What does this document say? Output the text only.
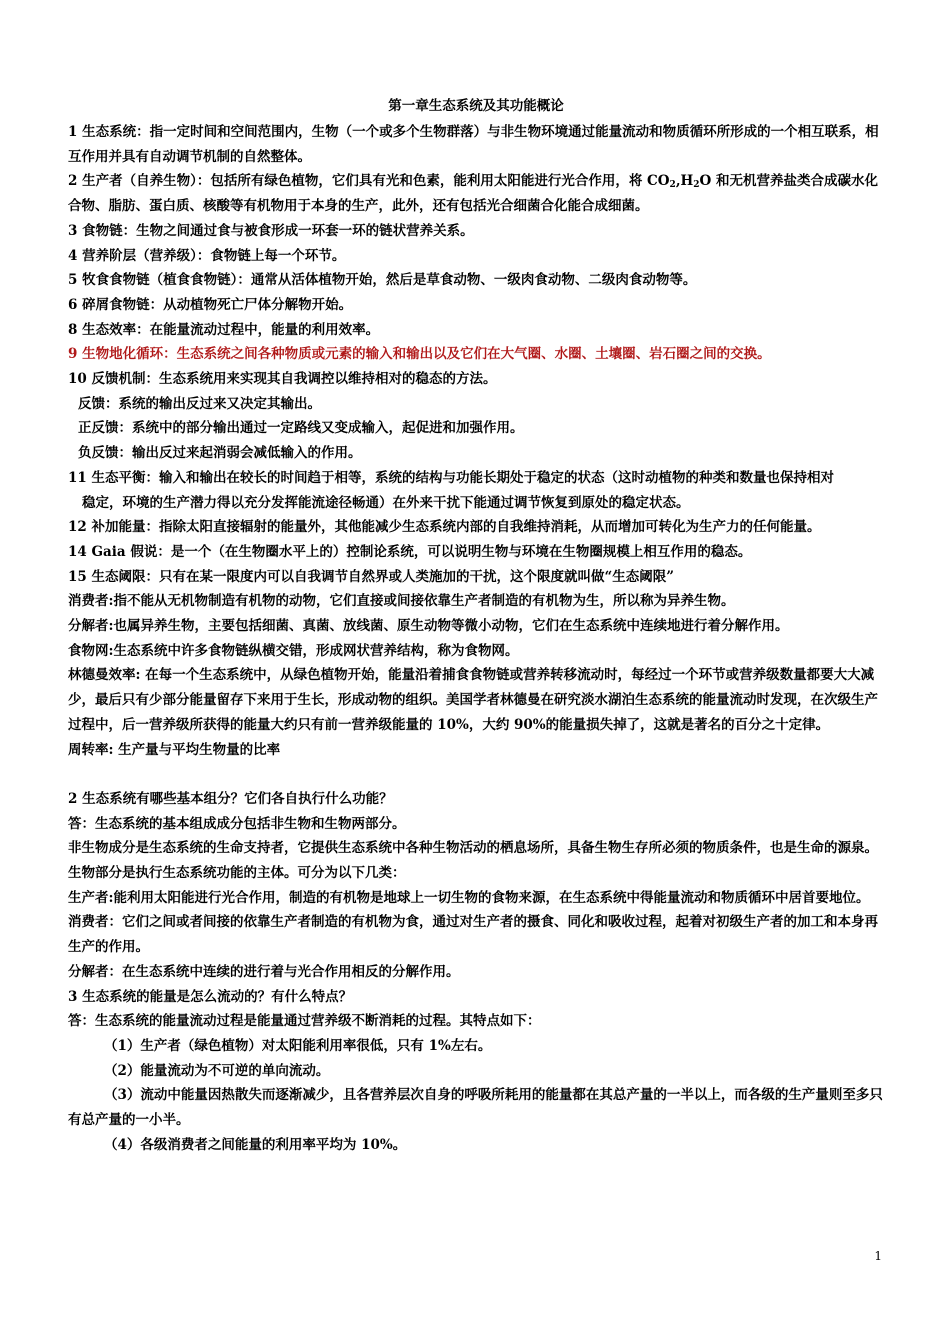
第一章生态系统及其功能概论

1 生态系统：指一定时间和空间范围内，生物（一个或多个生物群落）与非生物环境通过能量流动和物质循环所形成的一个相互联系，相互作用并具有自动调节机制的自然整体。

2 生产者（自养生物）：包括所有绿色植物，它们具有光和色素，能利用太阳能进行光合作用，将 $CO_2,H_2O$ 和无机营养盐类合成碳水化合物、脂肪、蛋白质、核酸等有机物用于本身的生产，此外，还有包括光合细菌合化能合成细菌。

3 食物链：生物之间通过食与被食形成一环套一环的链状营养关系。

4 营养阶层（营养级）：食物链上每一个环节。

5 牧食食物链（植食食物链）：通常从活体植物开始，然后是草食动物、一级肉食动物、二级肉食动物等。

6 碎屑食物链：从动植物死亡尸体分解物开始。

8 生态效率：在能量流动过程中，能量的利用效率。

9 生物地化循环：生态系统之间各种物质或元素的输入和输出以及它们在大气圈、水圈、土壤圈、岩石圈之间的交换。

10 反馈机制：生态系统用来实现其自我调控以维持相对的稳态的方法。

反馈：系统的输出反过来又决定其输出。

正反馈：系统中的部分输出通过一定路线又变成输入，起促进和加强作用。

负反馈：输出反过来起消弱会减低输入的作用。

11 生态平衡：输入和输出在较长的时间趋于相等，系统的结构与功能长期处于稳定的状态（这时动植物的种类和数量也保持相对
稳定，环境的生产潜力得以充分发挥能流途径畅通）在外来干扰下能通过调节恢复到原处的稳定状态。

12 补加能量：指除太阳直接辐射的能量外，其他能减少生态系统内部的自我维持消耗，从而增加可转化为生产力的任何能量。

14 Gaia 假说：是一个（在生物圈水平上的）控制论系统，可以说明生物与环境在生物圈规模上相互作用的稳态。

15 生态阈限：只有在某一限度内可以自我调节自然界或人类施加的干扰，这个限度就叫做“生态阈限”

消费者:指不能从无机物制造有机物的动物，它们直接或间接依靠生产者制造的有机物为生，所以称为异养生物。

分解者:也属异养生物，主要包括细菌、真菌、放线菌、原生动物等微小动物，它们在生态系统中连续地进行着分解作用。

食物网:生态系统中许多食物链纵横交错，形成网状营养结构，称为食物网。

林德曼效率: 在每一个生态系统中，从绿色植物开始，能量沿着捕食食物链或营养转移流动时，每经过一个环节或营养级数量都要大大减少，最后只有少部分能量留存下来用于生长，形成动物的组织。美国学者林德曼在研究淡水湖泊生态系统的能量流动时发现，在次级生产过程中，后一营养级所获得的能量大约只有前一营养级能量的 10%，大约 90%的能量损失掉了，这就是著名的百分之十定律。

周转率: 生产量与平均生物量的比率

2 生态系统有哪些基本组分？它们各自执行什么功能？

答：生态系统的基本组成成分包括非生物和生物两部分。

非生物成分是生态系统的生命支持者，它提供生态系统中各种生物活动的栖息场所，具备生物生存所必须的物质条件，也是生命的源泉。

生物部分是执行生态系统功能的主体。可分为以下几类：

生产者:能利用太阳能进行光合作用，制造的有机物是地球上一切生物的食物来源，在生态系统中得能量流动和物质循环中居首要地位。

消费者：它们之间或者间接的依靠生产者制造的有机物为食，通过对生产者的摄食、同化和吸收过程，起着对初级生产者的加工和本身再生产的作用。

分解者：在生态系统中连续的进行着与光合作用相反的分解作用。

3 生态系统的能量是怎么流动的？有什么特点？

答：生态系统的能量流动过程是能量通过营养级不断消耗的过程。其特点如下：

（1）生产者（绿色植物）对太阳能利用率很低，只有 1%左右。

（2）能量流动为不可逆的单向流动。

（3）流动中能量因热散失而逐渐减少，且各营养层次自身的呼吸所耗用的能量都在其总产量的一半以上，而各级的生产量则至多只有总产量的一小半。

（4）各级消费者之间能量的利用率平均为 10%。

1
